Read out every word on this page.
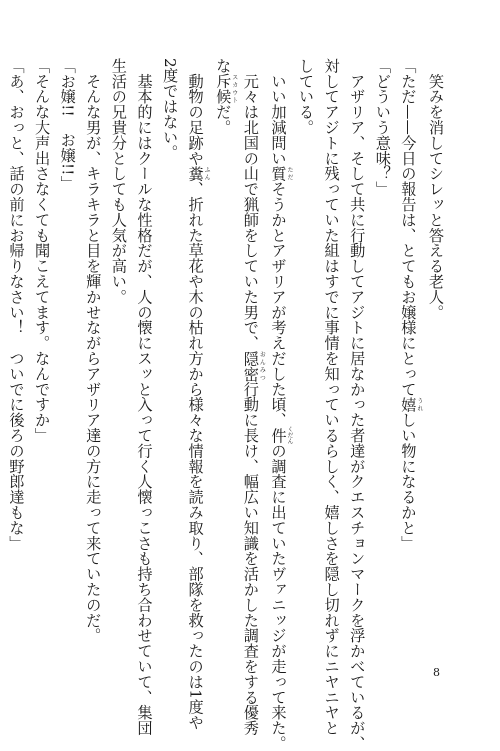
　笑みを消してシレッと答える老人。
「ただ——今日の報告は、とてもお嬢様にとって嬉うれしい物になるかと」
「どういう意味？」
　アザリア、そして共に行動してアジトに居なかった者達がクエスチョンマークを浮かべているが、
対してアジトに残っていた組はすでに事情を知っているらしく、嬉しさを隠し切れずにニヤニヤと
している。
　いい加減問い質ただそうかとアザリアが考えだした頃、件くだんの調査に出ていたヴァニッジが走って来た。
　元々は北国の山で猟師をしていた男で、隠密おんみつ行動に長け、幅広い知識を活かした調査をする優秀
な斥候スカウトだ。
　動物の足跡や糞ふん、折れた草花や木の枯れ方から様々な情報を読み取り、部隊を救ったのは1度や
2度ではない。
　基本的にはクールな性格だが、人の懐にスッと入って行く人懐っこさも持ち合わせていて、集団
生活の兄貴分としても人気が高い。
　そんな男が、キラキラと目を輝かせながらアザリア達の方に走って来ていたのだ。
「お嬢!!　お嬢!!」
「そんな大声出さなくても聞こえてます。なんですか」
「あ、おっと、話の前にお帰りなさい！　ついでに後ろの野郎達もな」
8
